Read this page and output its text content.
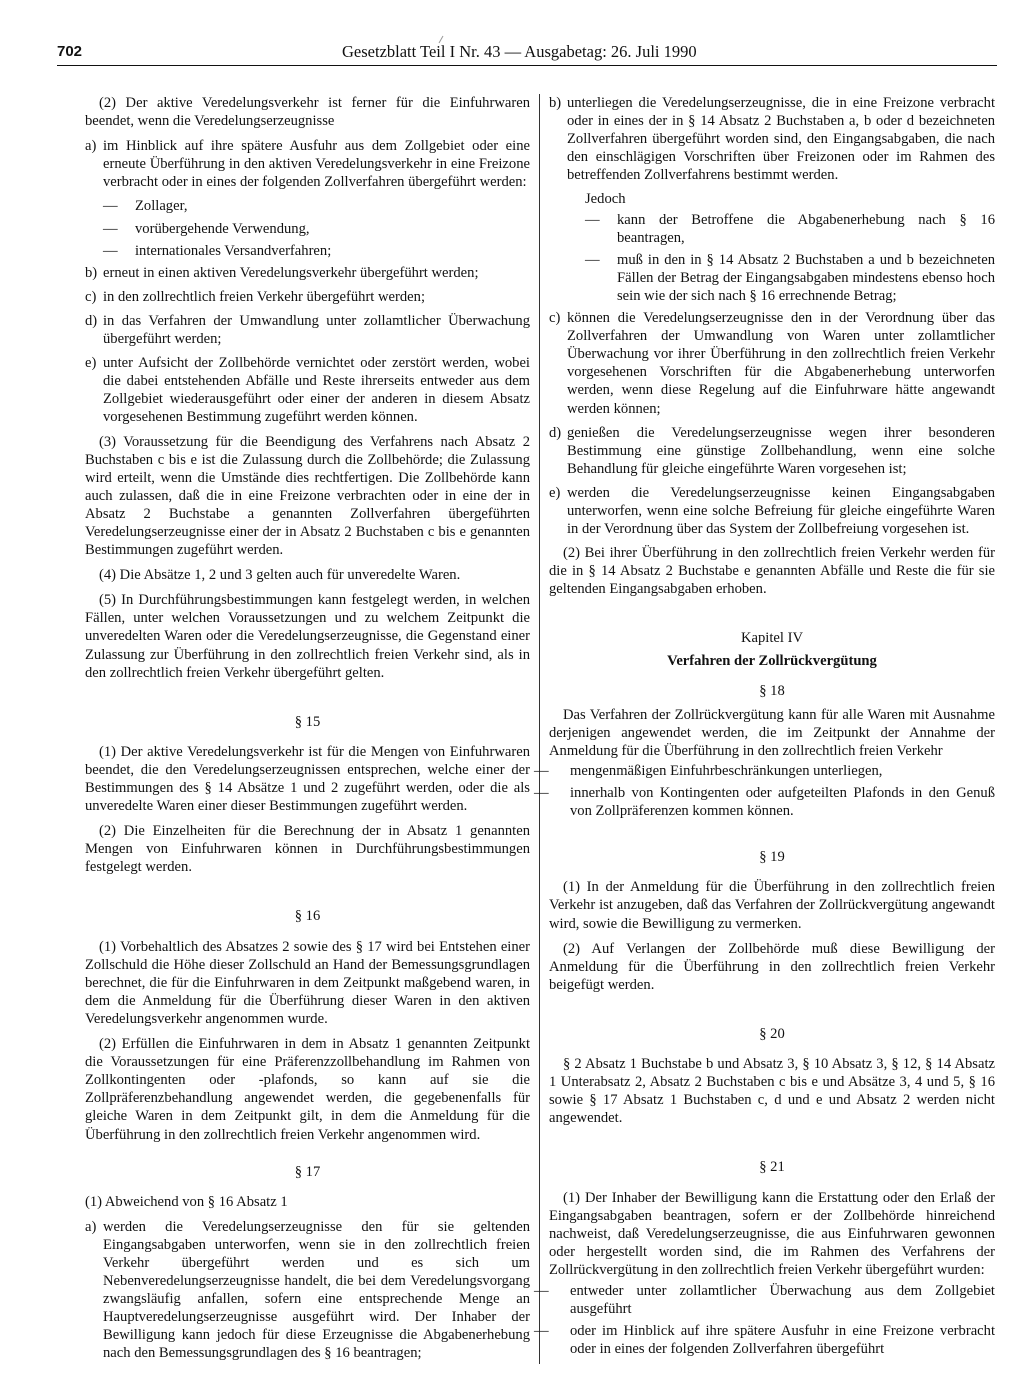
702	Gesetzblatt Teil I Nr. 43 — Ausgabetag: 26. Juli 1990

(2) Der aktive Veredelungsverkehr ist ferner für die Einfuhrwaren beendet, wenn die Veredelungserzeugnisse

a) im Hinblick auf ihre spätere Ausfuhr aus dem Zollgebiet oder eine erneute Überführung in den aktiven Veredelungsverkehr in eine Freizone verbracht oder in eines der folgenden Zollverfahren übergeführt werden:
— Zollager,
— vorübergehende Verwendung,
— internationales Versandverfahren;
b) erneut in einen aktiven Veredelungsverkehr übergeführt werden;
c) in den zollrechtlich freien Verkehr übergeführt werden;
d) in das Verfahren der Umwandlung unter zollamtlicher Überwachung übergeführt werden;
e) unter Aufsicht der Zollbehörde vernichtet oder zerstört werden, wobei die dabei entstehenden Abfälle und Reste ihrerseits entweder aus dem Zollgebiet wiederausgeführt oder einer der anderen in diesem Absatz vorgesehenen Bestimmung zugeführt werden können.

(3) Voraussetzung für die Beendigung des Verfahrens nach Absatz 2 Buchstaben c bis e ist die Zulassung durch die Zollbehörde; die Zulassung wird erteilt, wenn die Umstände dies rechtfertigen. Die Zollbehörde kann auch zulassen, daß die in eine Freizone verbrachten oder in eine der in Absatz 2 Buchstabe a genannten Zollverfahren übergeführten Veredelungserzeugnisse einer der in Absatz 2 Buchstaben c bis e genannten Bestimmungen zugeführt werden.

(4) Die Absätze 1, 2 und 3 gelten auch für unveredelte Waren.

(5) In Durchführungsbestimmungen kann festgelegt werden, in welchen Fällen, unter welchen Voraussetzungen und zu welchem Zeitpunkt die unveredelten Waren oder die Veredelungserzeugnisse, die Gegenstand einer Zulassung zur Überführung in den zollrechtlich freien Verkehr sind, als in den zollrechtlich freien Verkehr übergeführt gelten.

§ 15

(1) Der aktive Veredelungsverkehr ist für die Mengen von Einfuhrwaren beendet, die den Veredelungserzeugnissen entsprechen, welche einer der Bestimmungen des § 14 Absätze 1 und 2 zugeführt werden, oder die als unveredelte Waren einer dieser Bestimmungen zugeführt werden.

(2) Die Einzelheiten für die Berechnung der in Absatz 1 genannten Mengen von Einfuhrwaren können in Durchführungsbestimmungen festgelegt werden.

§ 16

(1) Vorbehaltlich des Absatzes 2 sowie des § 17 wird bei Entstehen einer Zollschuld die Höhe dieser Zollschuld an Hand der Bemessungsgrundlagen berechnet, die für die Einfuhrwaren in dem Zeitpunkt maßgebend waren, in dem die Anmeldung für die Überführung dieser Waren in den aktiven Veredelungsverkehr angenommen wurde.

(2) Erfüllen die Einfuhrwaren in dem in Absatz 1 genannten Zeitpunkt die Voraussetzungen für eine Präferenzzollbehandlung im Rahmen von Zollkontingenten oder -plafonds, so kann auf sie die Zollpräferenzbehandlung angewendet werden, die gegebenenfalls für gleiche Waren in dem Zeitpunkt gilt, in dem die Anmeldung für die Überführung in den zollrechtlich freien Verkehr angenommen wird.

§ 17

(1) Abweichend von § 16 Absatz 1

a) werden die Veredelungserzeugnisse den für sie geltenden Eingangsabgaben unterworfen, wenn sie in den zollrechtlich freien Verkehr übergeführt werden und es sich um Nebenveredelungserzeugnisse handelt, die bei dem Veredelungsvorgang zwangsläufig anfallen, sofern eine entsprechende Menge an Hauptveredelungserzeugnisse ausgeführt wird. Der Inhaber der Bewilligung kann jedoch für diese Erzeugnisse die Abgabenerhebung nach den Bemessungsgrundlagen des § 16 beantragen;
b) unterliegen die Veredelungserzeugnisse, die in eine Freizone verbracht oder in eines der in § 14 Absatz 2 Buchstaben a, b oder d bezeichneten Zollverfahren übergeführt worden sind, den Eingangsabgaben, die nach den einschlägigen Vorschriften über Freizonen oder im Rahmen des betreffenden Zollverfahrens bestimmt werden.

Jedoch

— kann der Betroffene die Abgabenerhebung nach § 16 beantragen,
— muß in den in § 14 Absatz 2 Buchstaben a und b bezeichneten Fällen der Betrag der Eingangsabgaben mindestens ebenso hoch sein wie der sich nach § 16 errechnende Betrag;
c) können die Veredelungserzeugnisse den in der Verordnung über das Zollverfahren der Umwandlung von Waren unter zollamtlicher Überwachung vor ihrer Überführung in den zollrechtlich freien Verkehr vorgesehenen Vorschriften für die Abgabenerhebung unterworfen werden, wenn diese Regelung auf die Einfuhrware hätte angewandt werden können;
d) genießen die Veredelungserzeugnisse wegen ihrer besonderen Bestimmung eine günstige Zollbehandlung, wenn eine solche Behandlung für gleiche eingeführte Waren vorgesehen ist;
e) werden die Veredelungserzeugnisse keinen Eingangsabgaben unterworfen, wenn eine solche Befreiung für gleiche eingeführte Waren in der Verordnung über das System der Zollbefreiung vorgesehen ist.

(2) Bei ihrer Überführung in den zollrechtlich freien Verkehr werden für die in § 14 Absatz 2 Buchstabe e genannten Abfälle und Reste die für sie geltenden Eingangsabgaben erhoben.

Kapitel IV

Verfahren der Zollrückvergütung

§ 18

Das Verfahren der Zollrückvergütung kann für alle Waren mit Ausnahme derjenigen angewendet werden, die im Zeitpunkt der Annahme der Anmeldung für die Überführung in den zollrechtlich freien Verkehr

— mengenmäßigen Einfuhrbeschränkungen unterliegen,
— innerhalb von Kontingenten oder aufgeteilten Plafonds in den Genuß von Zollpräferenzen kommen können.

§ 19

(1) In der Anmeldung für die Überführung in den zollrechtlich freien Verkehr ist anzugeben, daß das Verfahren der Zollrückvergütung angewandt wird, sowie die Bewilligung zu vermerken.

(2) Auf Verlangen der Zollbehörde muß diese Bewilligung der Anmeldung für die Überführung in den zollrechtlich freien Verkehr beigefügt werden.

§ 20

§ 2 Absatz 1 Buchstabe b und Absatz 3, § 10 Absatz 3, § 12, § 14 Absatz 1 Unterabsatz 2, Absatz 2 Buchstaben c bis e und Absätze 3, 4 und 5, § 16 sowie § 17 Absatz 1 Buchstaben c, d und e und Absatz 2 werden nicht angewendet.

§ 21

(1) Der Inhaber der Bewilligung kann die Erstattung oder den Erlaß der Eingangsabgaben beantragen, sofern er der Zollbehörde hinreichend nachweist, daß Veredelungserzeugnisse, die aus Einfuhrwaren gewonnen oder hergestellt worden sind, die im Rahmen des Verfahrens der Zollrückvergütung in den zollrechtlich freien Verkehr übergeführt wurden:

— entweder unter zollamtlicher Überwachung aus dem Zollgebiet ausgeführt
— oder im Hinblick auf ihre spätere Ausfuhr in eine Freizone verbracht oder in eines der folgenden Zollverfahren übergeführt
